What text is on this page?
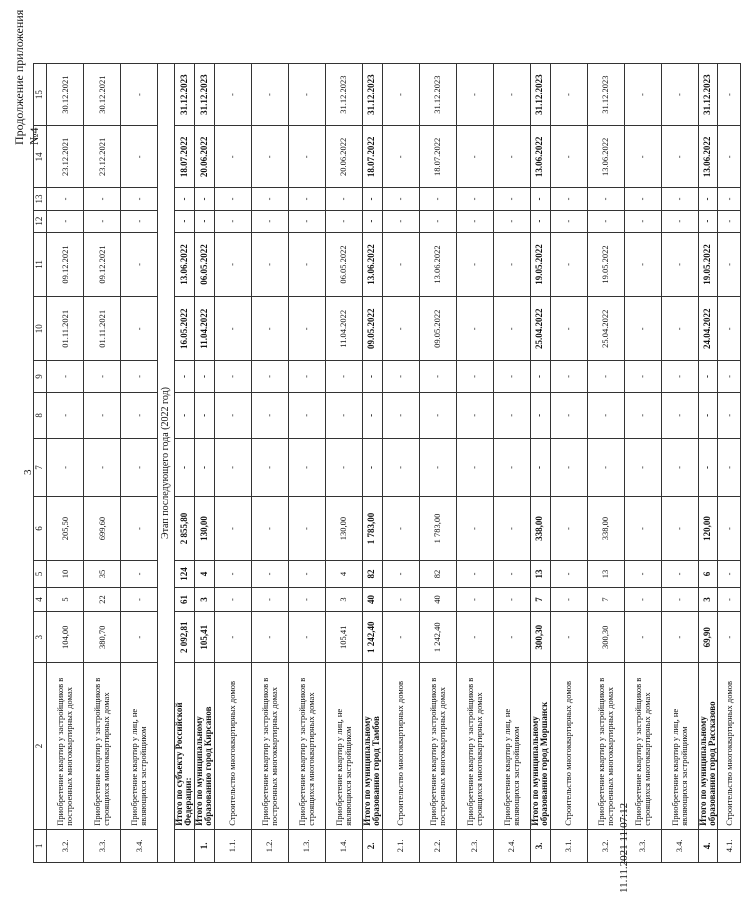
Продолжение приложения №4
3
1	2	3	4	5	6	7	8	9	10	11	12	13	14	15
3.2.	Приобретение квартир у застройщиков в построенных многоквартирных домах	104,00	5	10	205,50	-	-	-	01.11.2021	09.12.2021	-	-	23.12.2021	30.12.2021
3.3.	Приобретение квартир у застройщиков в строящихся многоквартирных домах	380,70	22	35	699,60	-	-	-	01.11.2021	09.12.2021	-	-	23.12.2021	30.12.2021
3.4.	Приобретение квартир у лиц, не являющихся застройщиком	-	-	-	-	-	-	-	-	-	-	-	-	-
Этап последующего года (2022 год)														
	Итого по субъекту Российской Федерации:	2 092,81	61	124	2 855,80	-	-	-	16.05.2022	13.06.2022	-	-	18.07.2022	31.12.2023
1.	Итого по муниципальному образованию город Кирсанов	105,41	3	4	130,00	-	-	-	11.04.2022	06.05.2022	-	-	20.06.2022	31.12.2023
1.1.	Строительство многоквартирных домов	-	-	-	-	-	-	-	-	-	-	-	-	-
1.2.	Приобретение квартир у застройщиков в построенных многоквартирных домах	-	-	-	-	-	-	-	-	-	-	-	-	-
1.3.	Приобретение квартир у застройщиков в строящихся многоквартирных домах	-	-	-	-	-	-	-	-	-	-	-	-	-
1.4.	Приобретение квартир у лиц, не являющихся застройщиком	105,41	3	4	130,00	-	-	-	11.04.2022	06.05.2022	-	-	20.06.2022	31.12.2023
2.	Итого по муниципальному образованию город Тамбов	1 242,40	40	82	1 783,00	-	-	-	09.05.2022	13.06.2022	-	-	18.07.2022	31.12.2023
2.1.	Строительство многоквартирных домов	-	-	-	-	-	-	-	-	-	-	-	-	-
2.2.	Приобретение квартир у застройщиков в построенных многоквартирных домах	1 242,40	40	82	1 783,00	-	-	-	09.05.2022	13.06.2022	-	-	18.07.2022	31.12.2023
2.3.	Приобретение квартир у застройщиков в строящихся многоквартирных домах	-	-	-	-	-	-	-	-	-	-	-	-	-
2.4.	Приобретение квартир у лиц, не являющихся застройщиком	-	-	-	-	-	-	-	-	-	-	-	-	-
3.	Итого по муниципальному образованию город Моршанск	300,30	7	13	338,00	-	-	-	25.04.2022	19.05.2022	-	-	13.06.2022	31.12.2023
3.1.	Строительство многоквартирных домов	-	-	-	-	-	-	-	-	-	-	-	-	-
3.2.	Приобретение квартир у застройщиков в построенных многоквартирных домах	300,30	7	13	338,00	-	-	-	25.04.2022	19.05.2022	-	-	13.06.2022	31.12.2023
3.3.	Приобретение квартир у застройщиков в строящихся многоквартирных домах	-	-	-	-	-	-	-	-	-	-	-	-	-
3.4.	Приобретение квартир у лиц, не являющихся застройщиком	-	-	-	-	-	-	-	-	-	-	-	-	-
4.	Итого по муниципальному образованию город Рассказово	69,90	3	6	120,00	-	-	-	24.04.2022	19.05.2022	-	-	13.06.2022	31.12.2023
4.1.	Строительство многоквартирных домов	-	-	-	-	-	-	-	-	-	-	-	-	-
11.11.2021 11:07:12
